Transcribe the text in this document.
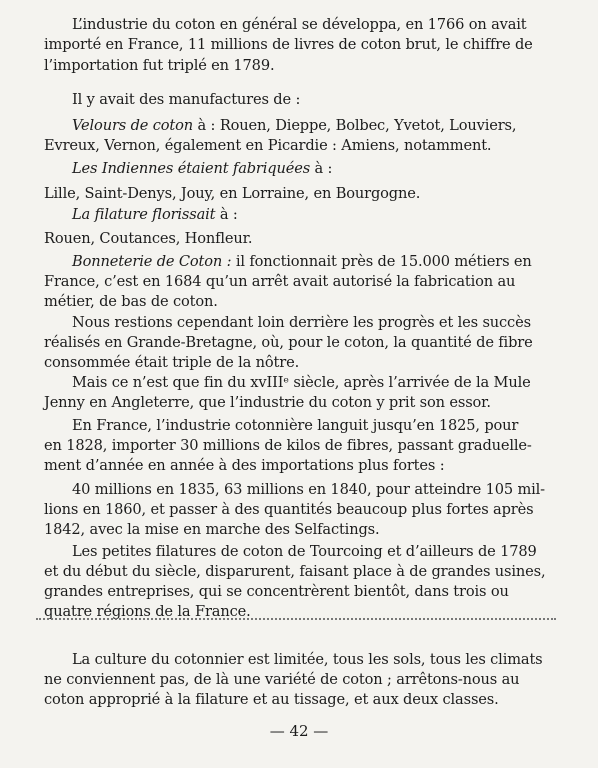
L’industrie du coton en général se développa, en 1766 on avait
importé en France, 11 millions de livres de coton brut, le chiffre de
l’importation fut triplé en 1789.
Il y avait des manufactures de :
Velours de coton à : Rouen, Dieppe, Bolbec, Yvetot, Louviers,
Evreux, Vernon, également en Picardie : Amiens, notamment.
Les Indiennes étaient fabriquées à :
Lille, Saint-Denys, Jouy, en Lorraine, en Bourgogne.
La filature florissait à :
Rouen, Coutances, Honfleur.
Bonneterie de Coton : il fonctionnait près de 15.000 métiers en
France, c’est en 1684 qu’un arrêt avait autorisé la fabrication au
métier, de bas de coton.
Nous restions cependant loin derrière les progrès et les succès
réalisés en Grande-Bretagne, où, pour le coton, la quantité de fibre
consommée était triple de la nôtre.
Mais ce n’est que fin du xvIIIᵉ siècle, après l’arrivée de la Mule
Jenny en Angleterre, que l’industrie du coton y prit son essor.
En France, l’industrie cotonnière languit jusqu’en 1825, pour
en 1828, importer 30 millions de kilos de fibres, passant graduelle-
ment d’année en année à des importations plus fortes :
40 millions en 1835, 63 millions en 1840, pour atteindre 105 mil-
lions en 1860, et passer à des quantités beaucoup plus fortes après
1842, avec la mise en marche des Selfactings.
Les petites filatures de coton de Tourcoing et d’ailleurs de 1789
et du début du siècle, disparurent, faisant place à de grandes usines,
grandes entreprises, qui se concentrèrent bientôt, dans trois ou
quatre régions de la France.
La culture du cotonnier est limitée, tous les sols, tous les climats
ne conviennent pas, de là une variété de coton ; arrêtons-nous au
coton approprié à la filature et au tissage, et aux deux classes.
— 42 —
